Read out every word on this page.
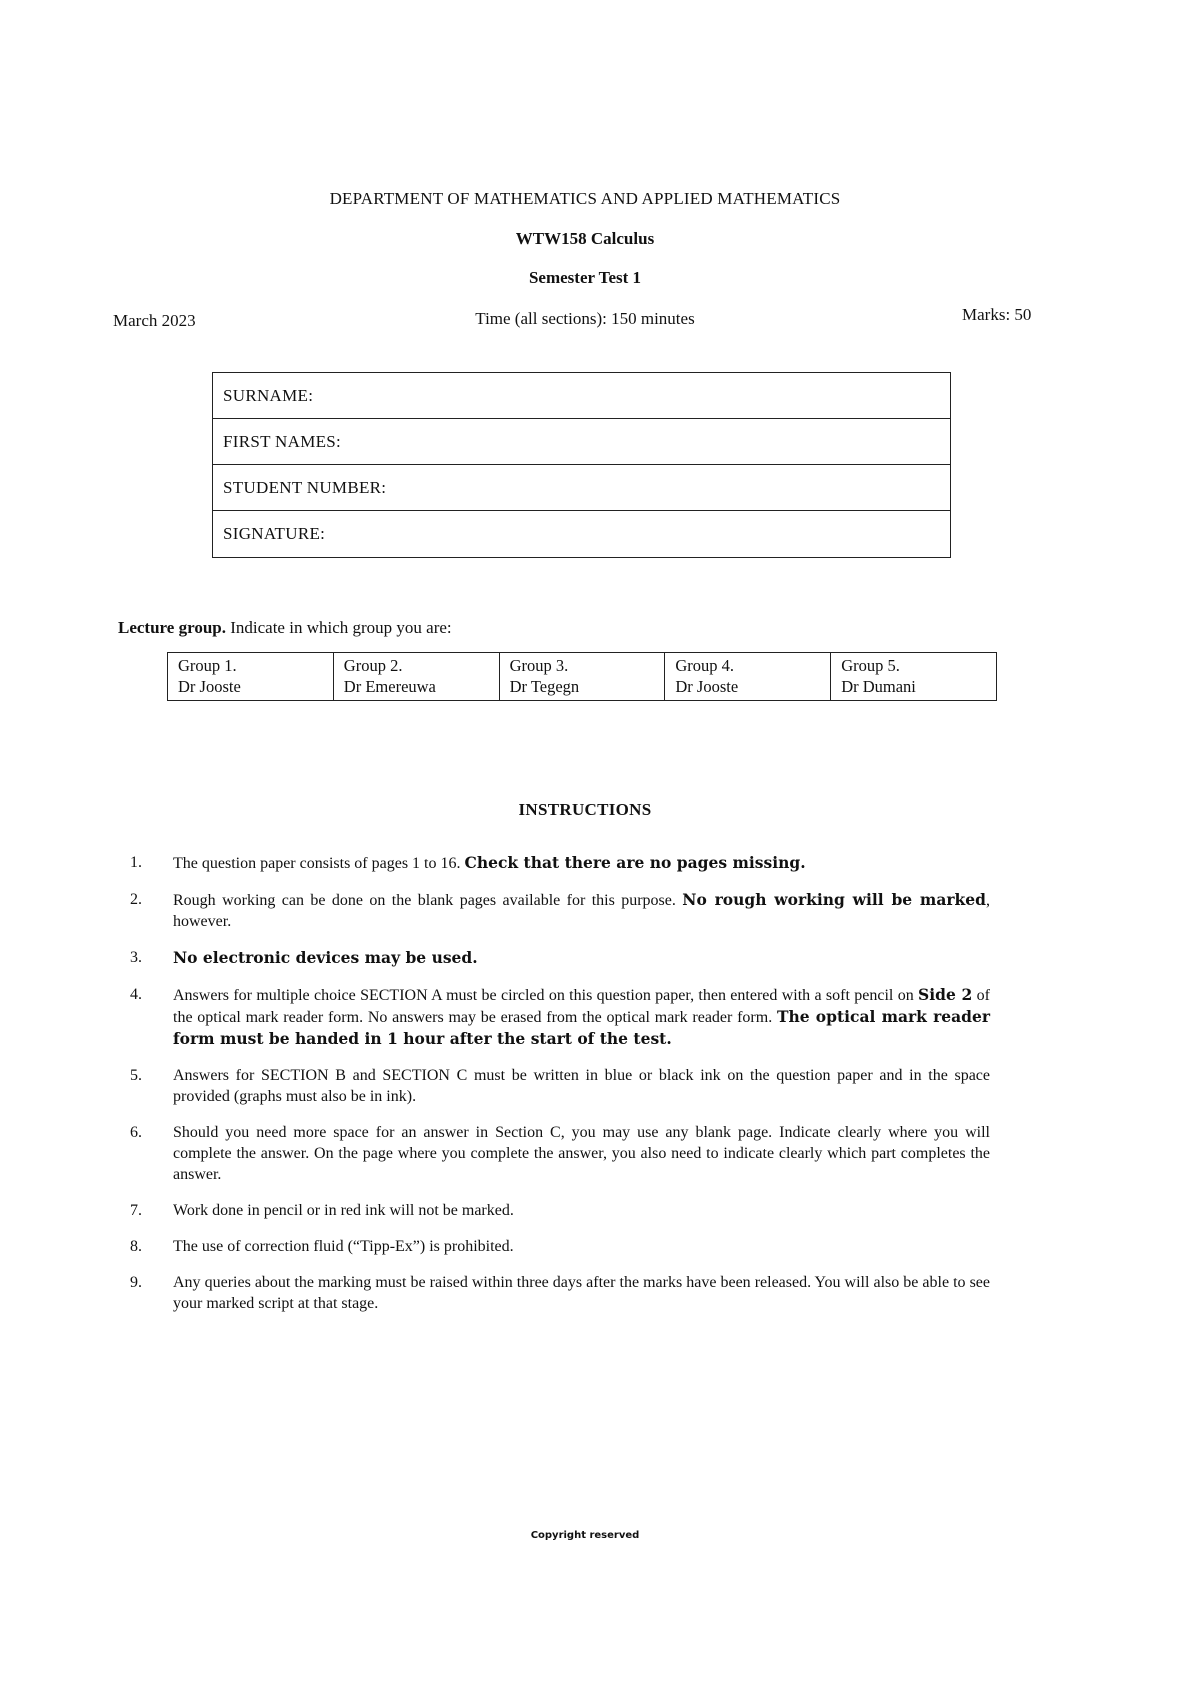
DEPARTMENT OF MATHEMATICS AND APPLIED MATHEMATICS
WTW158 Calculus
Semester Test 1
March 2023	Time (all sections): 150 minutes	Marks: 50
SURNAME:
FIRST NAMES:
STUDENT NUMBER:
SIGNATURE:
Lecture group. Indicate in which group you are:
Group 1.
Dr Jooste
Group 2.
Dr Emereuwa
Group 3.
Dr Tegegn
Group 4.
Dr Jooste
Group 5.
Dr Dumani
INSTRUCTIONS
1.	The question paper consists of pages 1 to 16. Check that there are no pages missing.
2.	Rough working can be done on the blank pages available for this purpose. No rough working will be marked, however.
3.	No electronic devices may be used.
4.	Answers for multiple choice SECTION A must be circled on this question paper, then entered with a soft pencil on Side 2 of the optical mark reader form. No answers may be erased from the optical mark reader form. The optical mark reader form must be handed in 1 hour after the start of the test.
5.	Answers for SECTION B and SECTION C must be written in blue or black ink on the question paper and in the space provided (graphs must also be in ink).
6.	Should you need more space for an answer in Section C, you may use any blank page. Indicate clearly where you will complete the answer. On the page where you complete the answer, you also need to indicate clearly which part completes the answer.
7.	Work done in pencil or in red ink will not be marked.
8.	The use of correction fluid (“Tipp-Ex”) is prohibited.
9.	Any queries about the marking must be raised within three days after the marks have been released. You will also be able to see your marked script at that stage.
Copyright reserved
